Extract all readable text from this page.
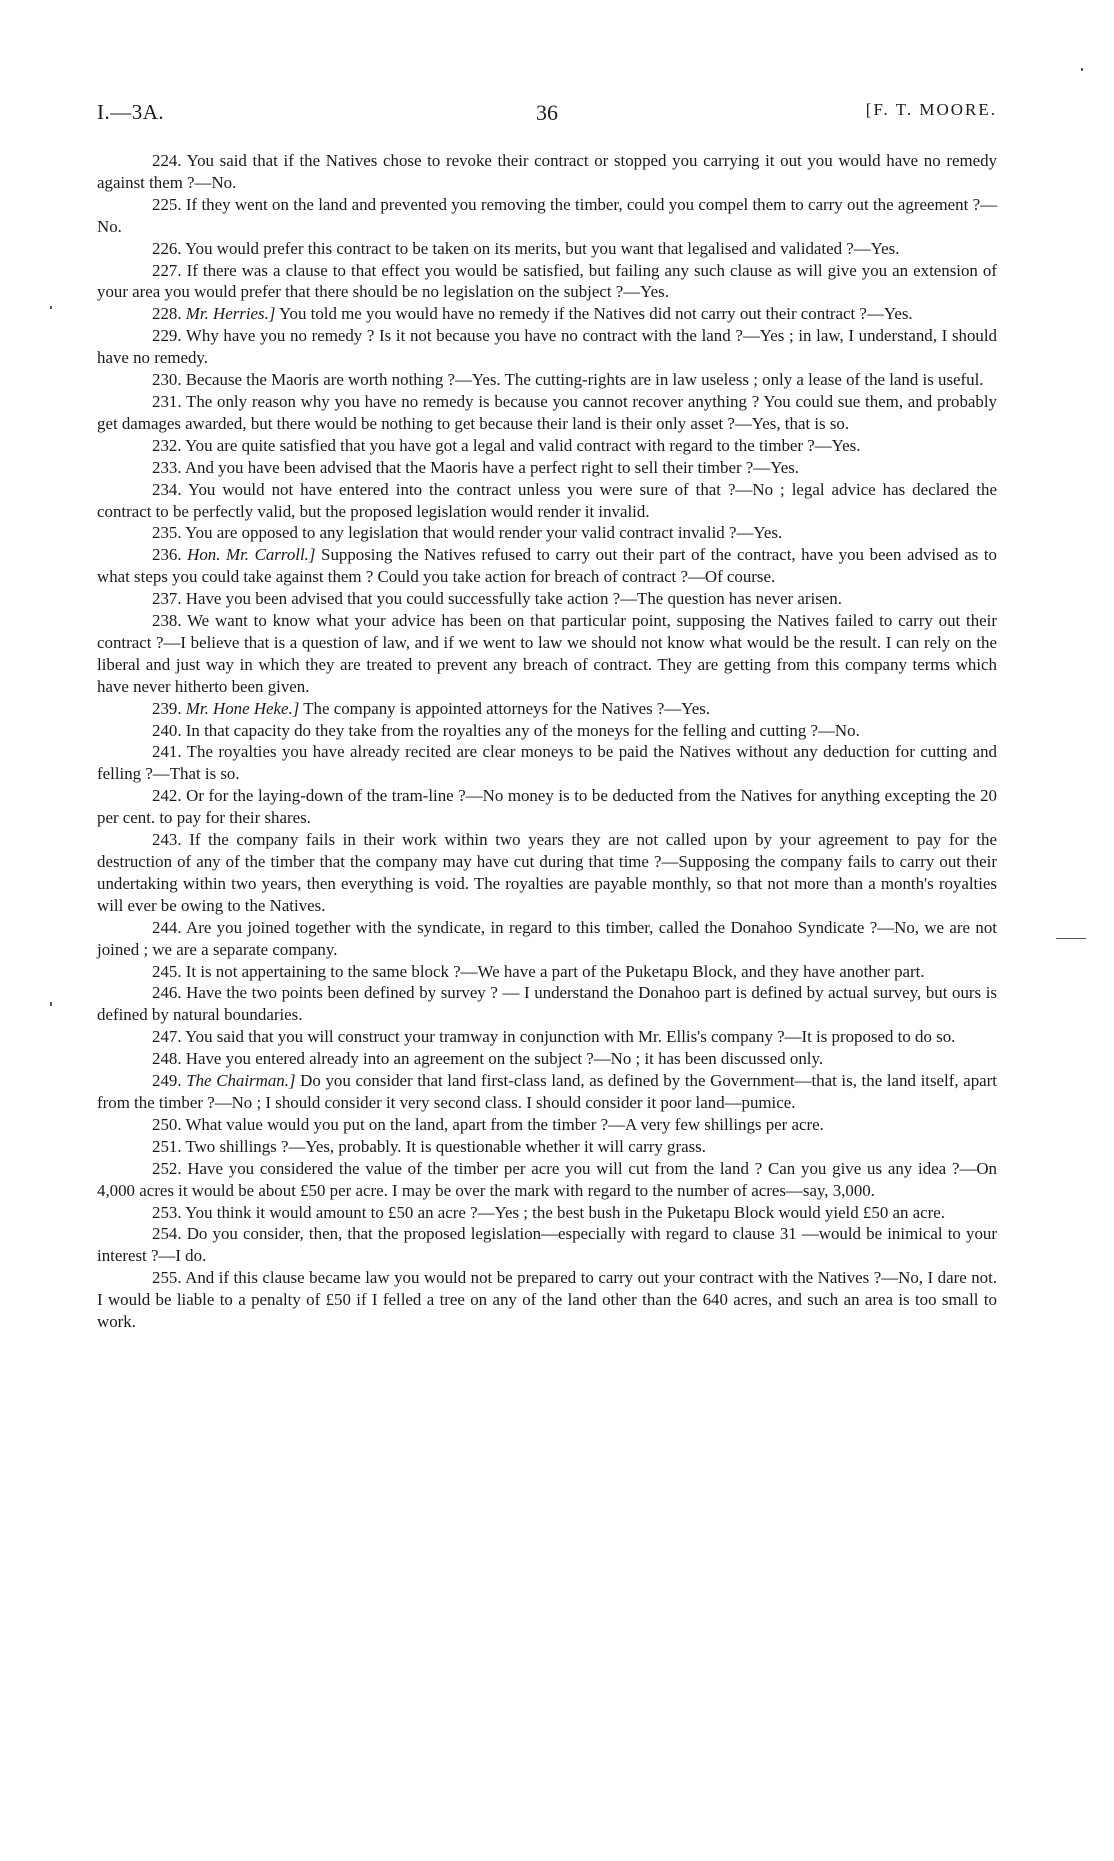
I.—3A.	36	[F. T. MOORE.

224. You said that if the Natives chose to revoke their contract or stopped you carrying it out you would have no remedy against them ?—No.

225. If they went on the land and prevented you removing the timber, could you compel them to carry out the agreement ?—No.

226. You would prefer this contract to be taken on its merits, but you want that legalised and validated ?—Yes.

227. If there was a clause to that effect you would be satisfied, but failing any such clause as will give you an extension of your area you would prefer that there should be no legislation on the subject ?—Yes.

228. Mr. Herries.] You told me you would have no remedy if the Natives did not carry out their contract ?—Yes.

229. Why have you no remedy ? Is it not because you have no contract with the land ?—Yes ; in law, I understand, I should have no remedy.

230. Because the Maoris are worth nothing ?—Yes. The cutting-rights are in law useless ; only a lease of the land is useful.

231. The only reason why you have no remedy is because you cannot recover anything ? You could sue them, and probably get damages awarded, but there would be nothing to get because their land is their only asset ?—Yes, that is so.

232. You are quite satisfied that you have got a legal and valid contract with regard to the timber ?—Yes.

233. And you have been advised that the Maoris have a perfect right to sell their timber ?—Yes.

234. You would not have entered into the contract unless you were sure of that ?—No ; legal advice has declared the contract to be perfectly valid, but the proposed legislation would render it invalid.

235. You are opposed to any legislation that would render your valid contract invalid ?—Yes.

236. Hon. Mr. Carroll.] Supposing the Natives refused to carry out their part of the contract, have you been advised as to what steps you could take against them ? Could you take action for breach of contract ?—Of course.

237. Have you been advised that you could successfully take action ?—The question has never arisen.

238. We want to know what your advice has been on that particular point, supposing the Natives failed to carry out their contract ?—I believe that is a question of law, and if we went to law we should not know what would be the result. I can rely on the liberal and just way in which they are treated to prevent any breach of contract. They are getting from this company terms which have never hitherto been given.

239. Mr. Hone Heke.] The company is appointed attorneys for the Natives ?—Yes.

240. In that capacity do they take from the royalties any of the moneys for the felling and cutting ?—No.

241. The royalties you have already recited are clear moneys to be paid the Natives without any deduction for cutting and felling ?—That is so.

242. Or for the laying-down of the tram-line ?—No money is to be deducted from the Natives for anything excepting the 20 per cent. to pay for their shares.

243. If the company fails in their work within two years they are not called upon by your agreement to pay for the destruction of any of the timber that the company may have cut during that time ?—Supposing the company fails to carry out their undertaking within two years, then everything is void. The royalties are payable monthly, so that not more than a month's royalties will ever be owing to the Natives.

244. Are you joined together with the syndicate, in regard to this timber, called the Donahoo Syndicate ?—No, we are not joined ; we are a separate company.

245. It is not appertaining to the same block ?—We have a part of the Puketapu Block, and they have another part.

246. Have the two points been defined by survey ? — I understand the Donahoo part is defined by actual survey, but ours is defined by natural boundaries.

247. You said that you will construct your tramway in conjunction with Mr. Ellis's company ?—It is proposed to do so.

248. Have you entered already into an agreement on the subject ?—No ; it has been discussed only.

249. The Chairman.] Do you consider that land first-class land, as defined by the Government—that is, the land itself, apart from the timber ?—No ; I should consider it very second class. I should consider it poor land—pumice.

250. What value would you put on the land, apart from the timber ?—A very few shillings per acre.

251. Two shillings ?—Yes, probably. It is questionable whether it will carry grass.

252. Have you considered the value of the timber per acre you will cut from the land ? Can you give us any idea ?—On 4,000 acres it would be about £50 per acre. I may be over the mark with regard to the number of acres—say, 3,000.

253. You think it would amount to £50 an acre ?—Yes ; the best bush in the Puketapu Block would yield £50 an acre.

254. Do you consider, then, that the proposed legislation—especially with regard to clause 31 —would be inimical to your interest ?—I do.

255. And if this clause became law you would not be prepared to carry out your contract with the Natives ?—No, I dare not. I would be liable to a penalty of £50 if I felled a tree on any of the land other than the 640 acres, and such an area is too small to work.
